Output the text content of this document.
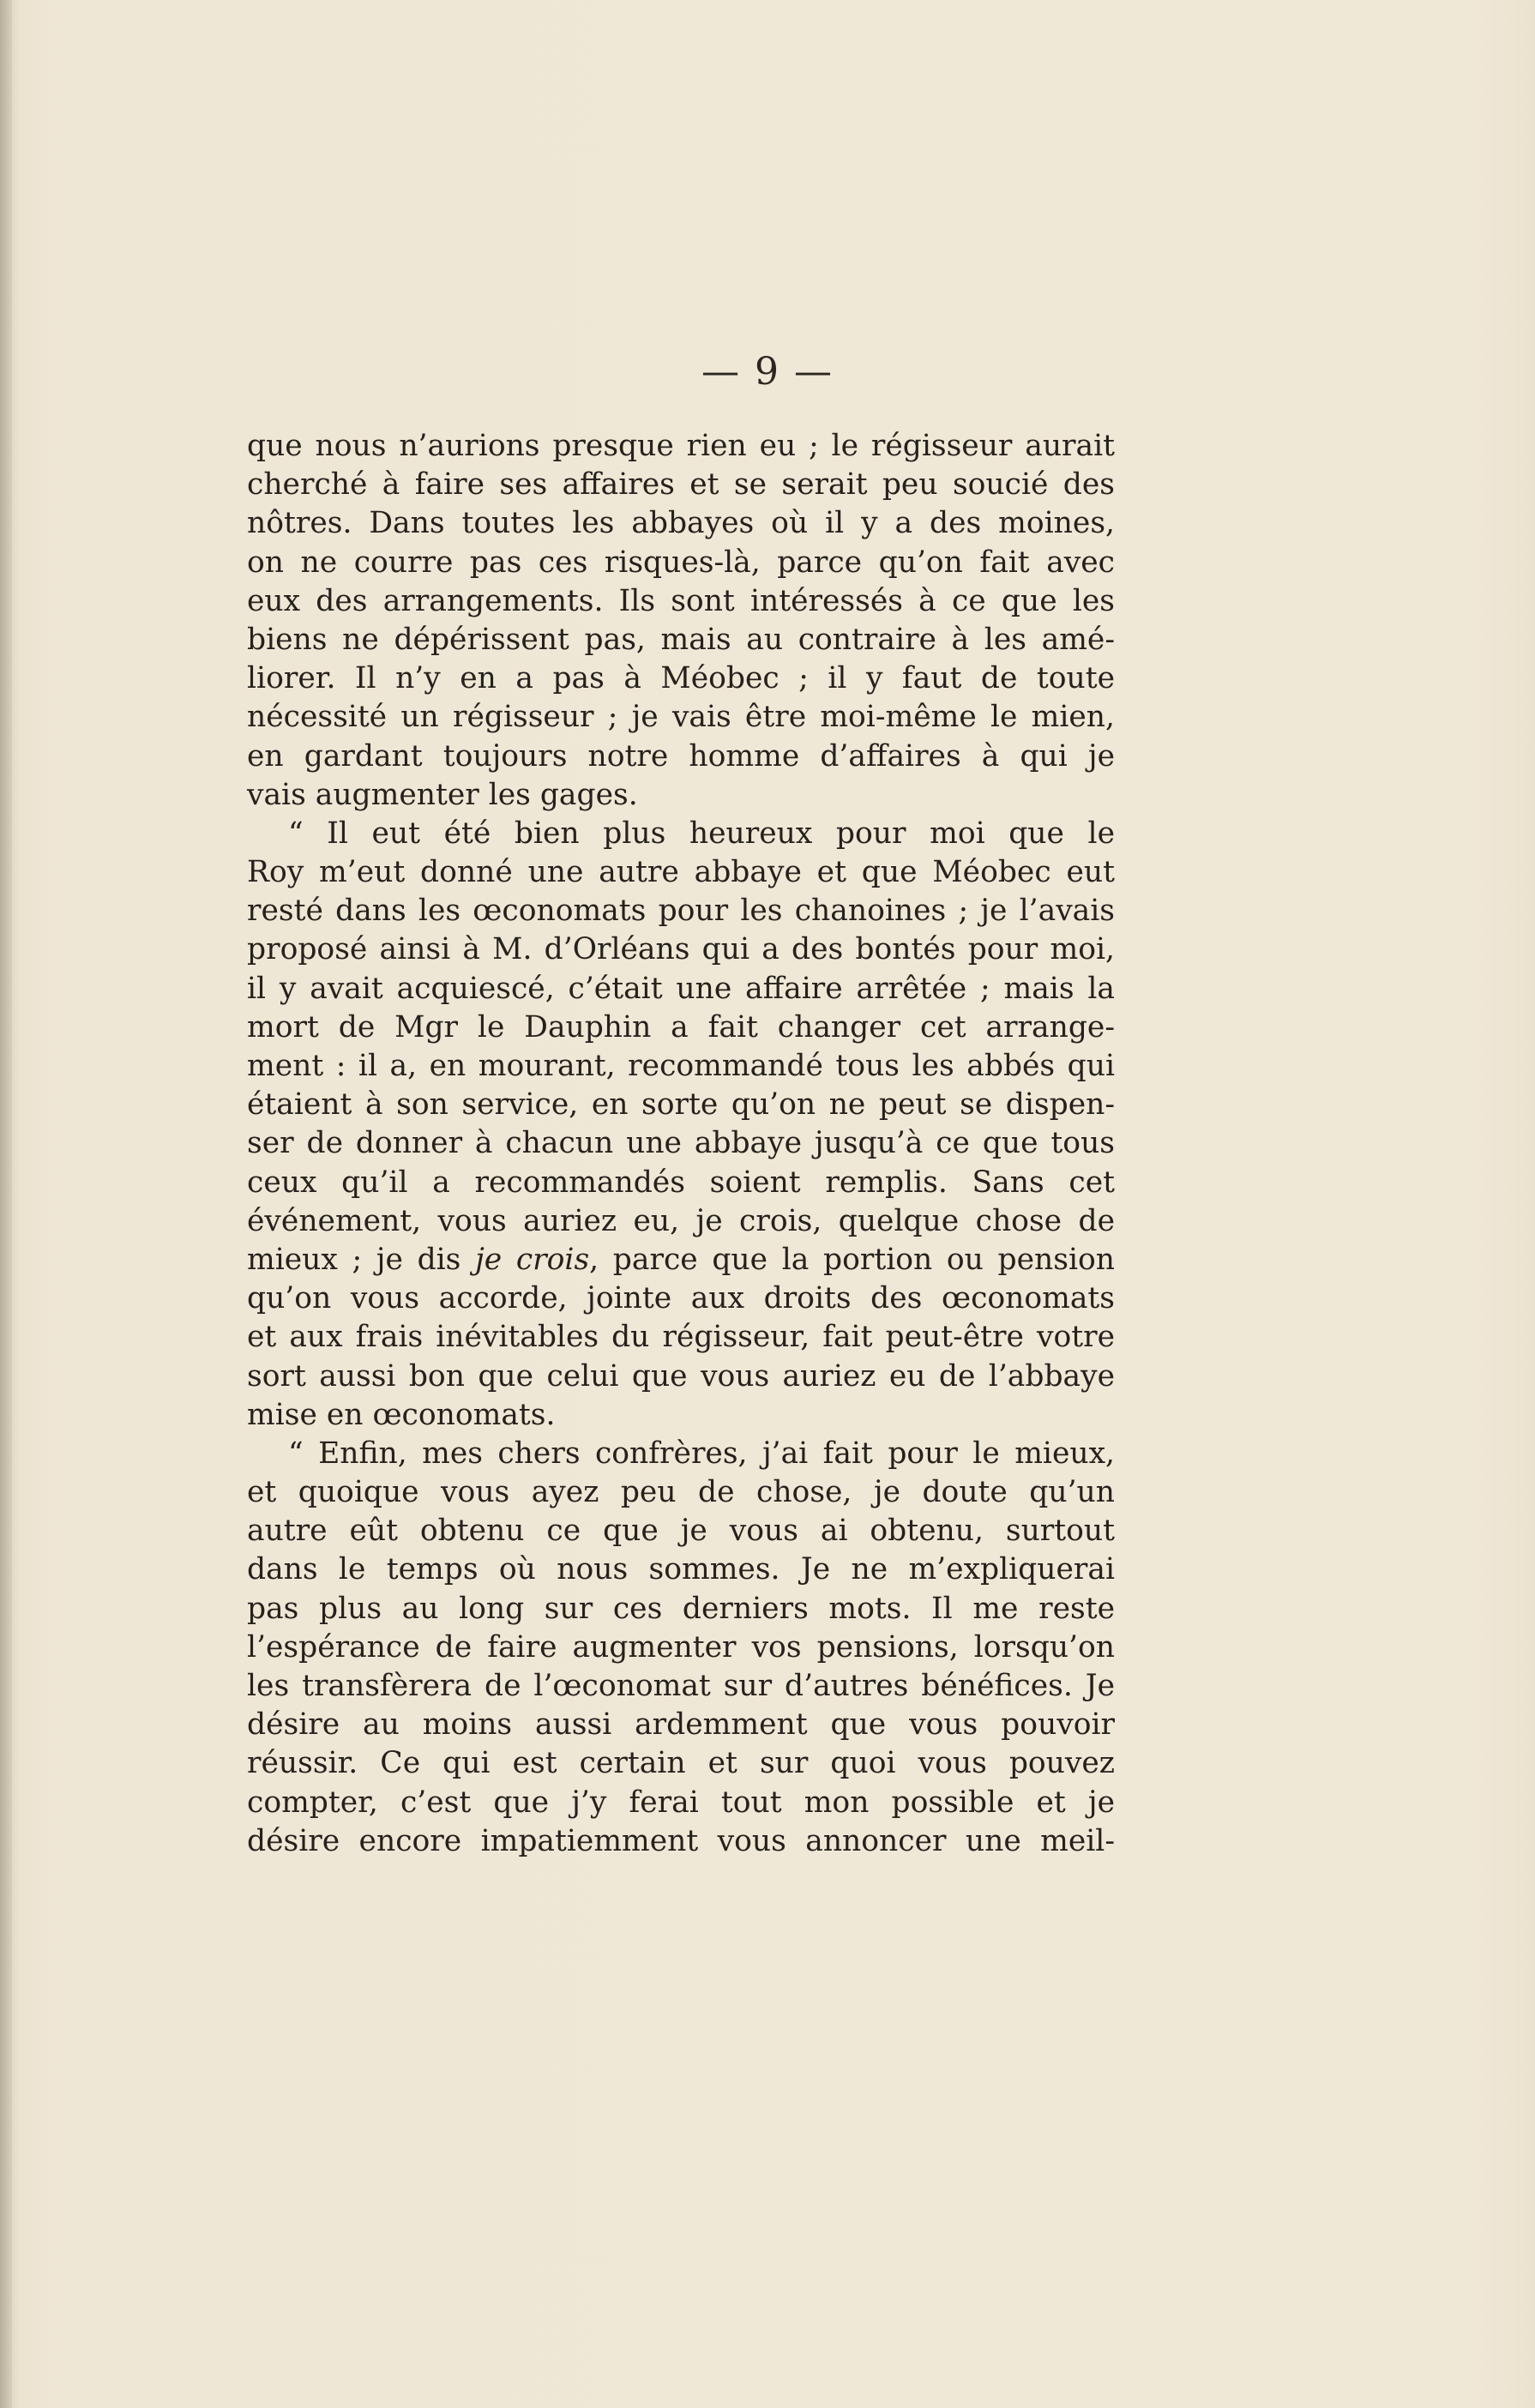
— 9 —
que nous n’aurions presque rien eu ; le régisseur aurait
cherché à faire ses affaires et se serait peu soucié des
nôtres. Dans toutes les abbayes où il y a des moines,
on ne courre pas ces risques-là, parce qu’on fait avec
eux des arrangements. Ils sont intéressés à ce que les
biens ne dépérissent pas, mais au contraire à les amé-
liorer. Il n’y en a pas à Méobec ; il y faut de toute
nécessité un régisseur ; je vais être moi-même le mien,
en gardant toujours notre homme d’affaires à qui je
vais augmenter les gages.
“ Il eut été bien plus heureux pour moi que le
Roy m’eut donné une autre abbaye et que Méobec eut
resté dans les œconomats pour les chanoines ; je l’avais
proposé ainsi à M. d’Orléans qui a des bontés pour moi,
il y avait acquiescé, c’était une affaire arrêtée ; mais la
mort de Mgr le Dauphin a fait changer cet arrange-
ment : il a, en mourant, recommandé tous les abbés qui
étaient à son service, en sorte qu’on ne peut se dispen-
ser de donner à chacun une abbaye jusqu’à ce que tous
ceux qu’il a recommandés soient remplis. Sans cet
événement, vous auriez eu, je crois, quelque chose de
mieux ; je dis je crois, parce que la portion ou pension
qu’on vous accorde, jointe aux droits des œconomats
et aux frais inévitables du régisseur, fait peut-être votre
sort aussi bon que celui que vous auriez eu de l’abbaye
mise en œconomats.
“ Enfin, mes chers confrères, j’ai fait pour le mieux,
et quoique vous ayez peu de chose, je doute qu’un
autre eût obtenu ce que je vous ai obtenu, surtout
dans le temps où nous sommes. Je ne m’expliquerai
pas plus au long sur ces derniers mots. Il me reste
l’espérance de faire augmenter vos pensions, lorsqu’on
les transfèrera de l’œconomat sur d’autres bénéfices. Je
désire au moins aussi ardemment que vous pouvoir
réussir. Ce qui est certain et sur quoi vous pouvez
compter, c’est que j’y ferai tout mon possible et je
désire encore impatiemment vous annoncer une meil-
